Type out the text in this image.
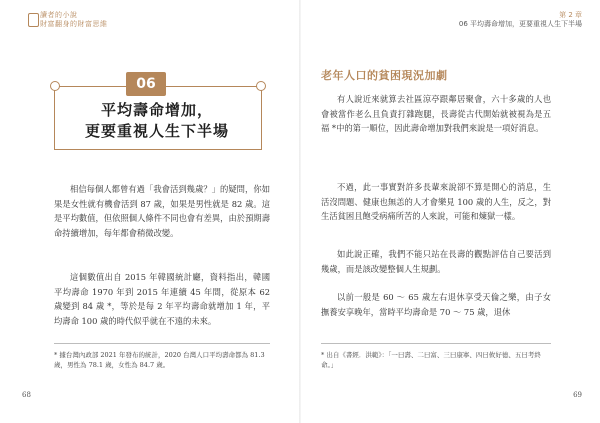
讀者的小說
財富翻身的財富思維
06
平均壽命增加，
更要重視人生下半場
相信每個人都曾有過「我會活到幾歲？」的疑問，你如果是女性就有機會活到 87 歲，如果是男性就是 82 歲。這是平均數值，但依照個人條件不同也會有差異，由於預期壽命持續增加，每年都會稍微改變。
這個數值出自 2015 年韓國統計廳，資料指出，韓國平均壽命 1970 年到 2015 年連續 45 年間，從原本 62 歲變到 84 歲 *，等於是每 2 年平均壽命就增加 1 年，平均壽命 100 歲的時代似乎就在不遠的未來。
* 據台灣內政部 2021 年發布的統計，2020 台灣人口平均壽命都為 81.3 歲，男性為 78.1 歲，女性為 84.7 歲。
68
第 2 章
06 平均壽命增加，更要重視人生下半場
老年人口的貧困現況加劇
有人說近來就算去社區涼亭跟鄰居聚會，六十多歲的人也會被當作老么且負責打雜跑腿，長壽從古代開始就被視為是五福 *中的第一順位，因此壽命增加對我們來說是一項好消息。
不過，此一事實對許多長輩來說卻不算是開心的消息，生活沒問題、健康也無恙的人才會樂見 100 歲的人生，反之，對生活貧困且飽受病痛所苦的人來說，可能和煉獄一樣。
如此說正確，我們不能只站在長壽的觀點評估自己要活到幾歲，而是該改變整個人生規劃。
以前一般是 60 ～ 65 歲左右退休享受天倫之樂，由子女撫養安享晚年，當時平均壽命是 70 ～ 75 歲，退休
* 出自《書經．洪範》：「一曰壽、二曰富、三曰康寧、四曰攸好德、五曰考終命。」
69
